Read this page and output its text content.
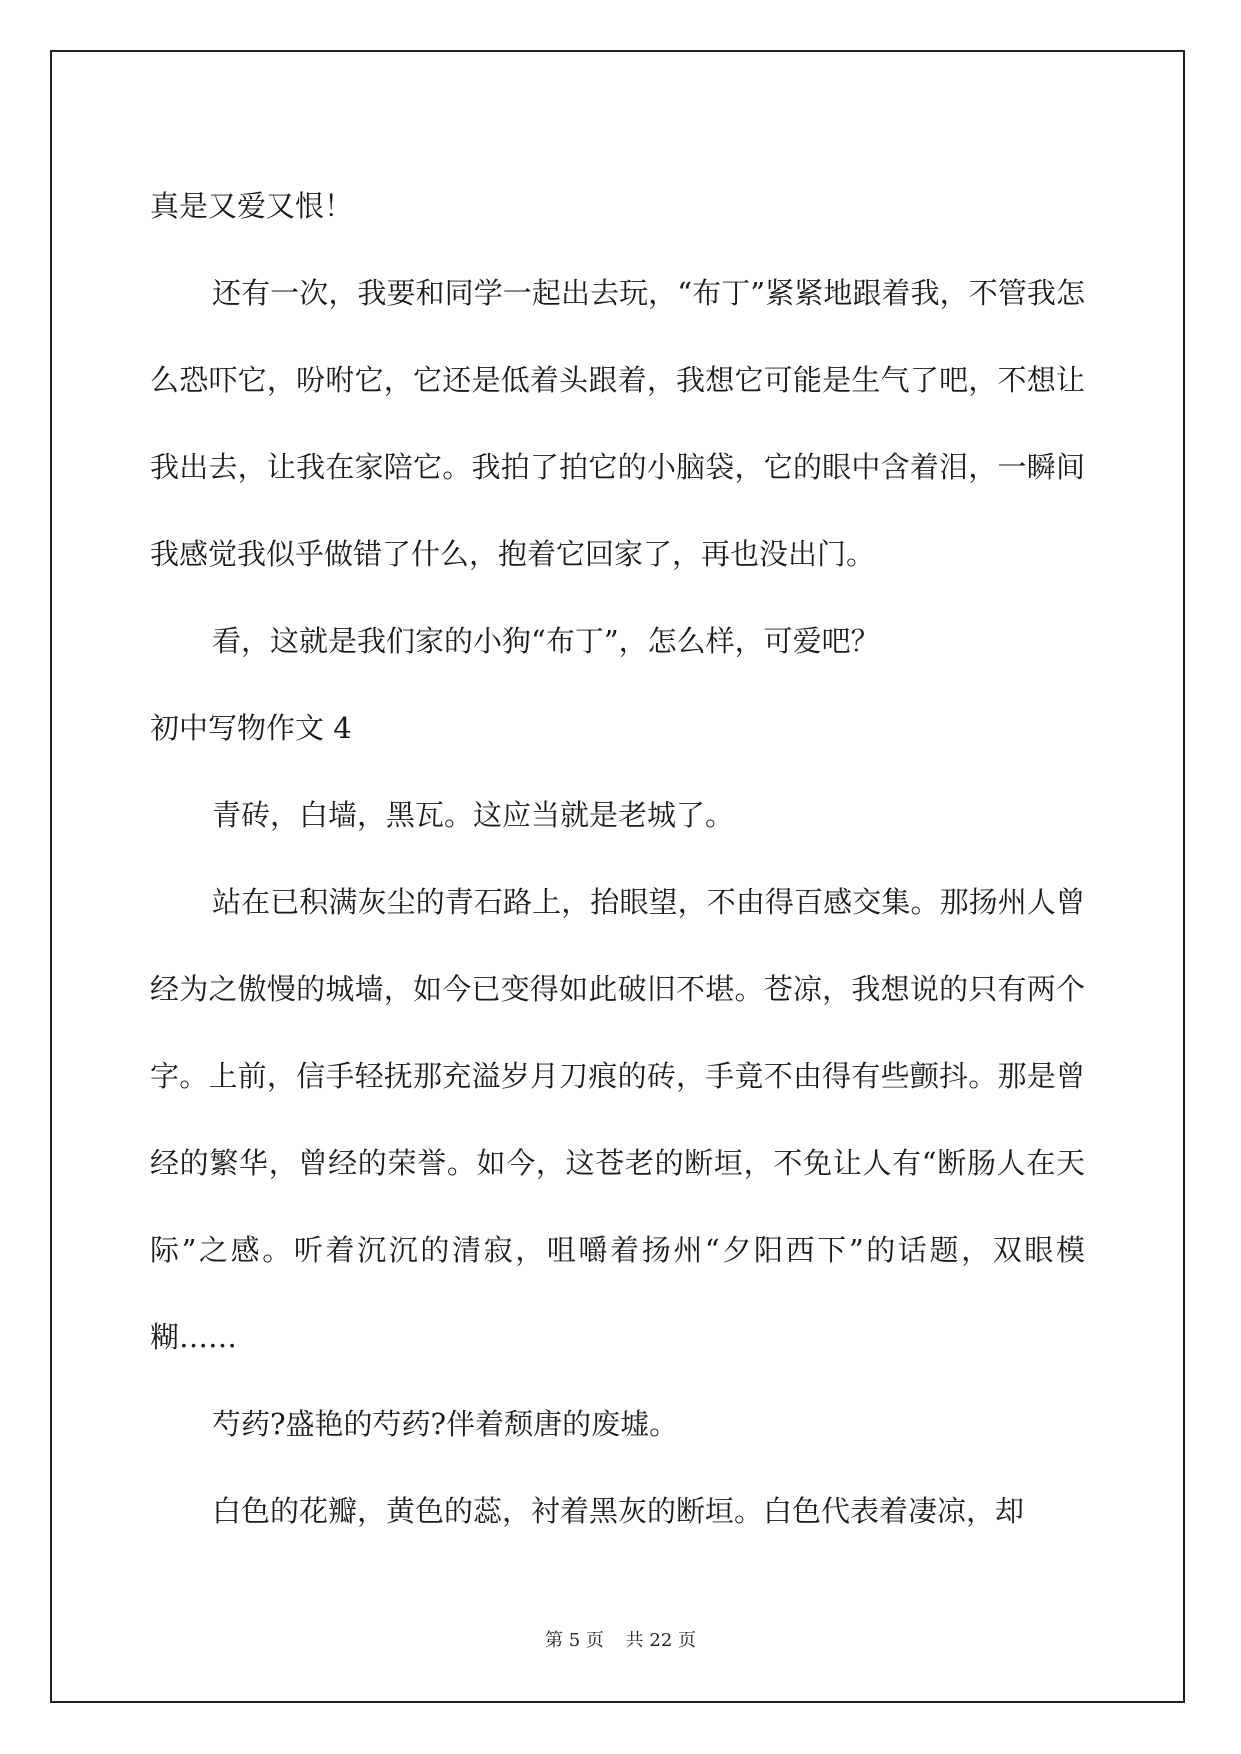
真是又爱又恨！

还有一次，我要和同学一起出去玩，“布丁”紧紧地跟着我，不管我怎么恐吓它，吩咐它，它还是低着头跟着，我想它可能是生气了吧，不想让我出去，让我在家陪它。我拍了拍它的小脑袋，它的眼中含着泪，一瞬间我感觉我似乎做错了什么，抱着它回家了，再也没出门。

看，这就是我们家的小狗“布丁”，怎么样，可爱吧？

初中写物作文 4

青砖，白墙，黑瓦。这应当就是老城了。

站在已积满灰尘的青石路上，抬眼望，不由得百感交集。那扬州人曾经为之傲慢的城墙，如今已变得如此破旧不堪。苍凉，我想说的只有两个字。上前，信手轻抚那充溢岁月刀痕的砖，手竟不由得有些颤抖。那是曾经的繁华，曾经的荣誉。如今，这苍老的断垣，不免让人有“断肠人在天际”之感。听着沉沉的清寂，咀嚼着扬州“夕阳西下”的话题，双眼模糊……

芍药?盛艳的芍药?伴着颓唐的废墟。

白色的花瓣，黄色的蕊，衬着黑灰的断垣。白色代表着凄凉，却

第 5 页 共 22 页
